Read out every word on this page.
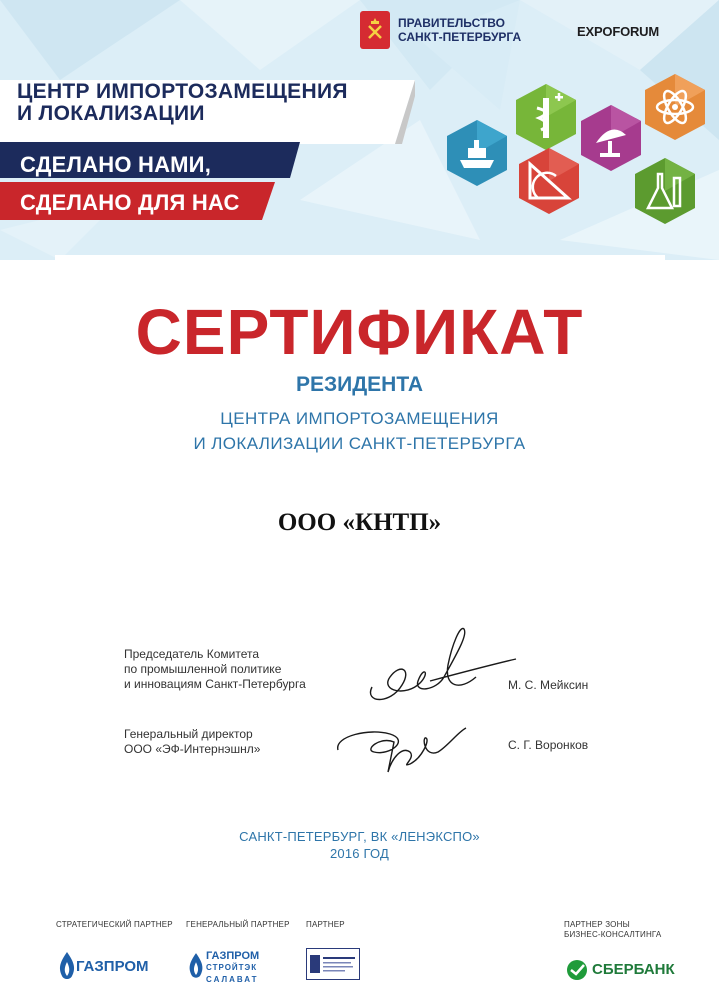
ПРАВИТЕЛЬСТВО
САНКТ-ПЕТЕРБУРГА	EXPOFORUM
ЦЕНТР ИМПОРТОЗАМЕЩЕНИЯ
И ЛОКАЛИЗАЦИИ
СДЕЛАНО НАМИ,
СДЕЛАНО ДЛЯ НАС
СЕРТИФИКАТ
РЕЗИДЕНТА
ЦЕНТРА ИМПОРТОЗАМЕЩЕНИЯ
И ЛОКАЛИЗАЦИИ САНКТ-ПЕТЕРБУРГА
ООО «КНТП»
Председатель Комитета
по промышленной политике
и инновациям Санкт-Петербурга	М. С. Мейксин
Генеральный директор
ООО «ЭФ-Интернэшнл»	С. Г. Воронков
САНКТ-ПЕТЕРБУРГ, ВК «ЛЕНЭКСПО»
2016 ГОД
СТРАТЕГИЧЕСКИЙ ПАРТНЕР ГЕНЕРАЛЬНЫЙ ПАРТНЕР ПАРТНЕР	ПАРТНЕР ЗОНЫ
БИЗНЕС-КОНСАЛТИНГА
ГАЗПРОМ
ГАЗПРОМ
СТРОЙТЭК
САЛАВАТ
СБЕРБАНК
